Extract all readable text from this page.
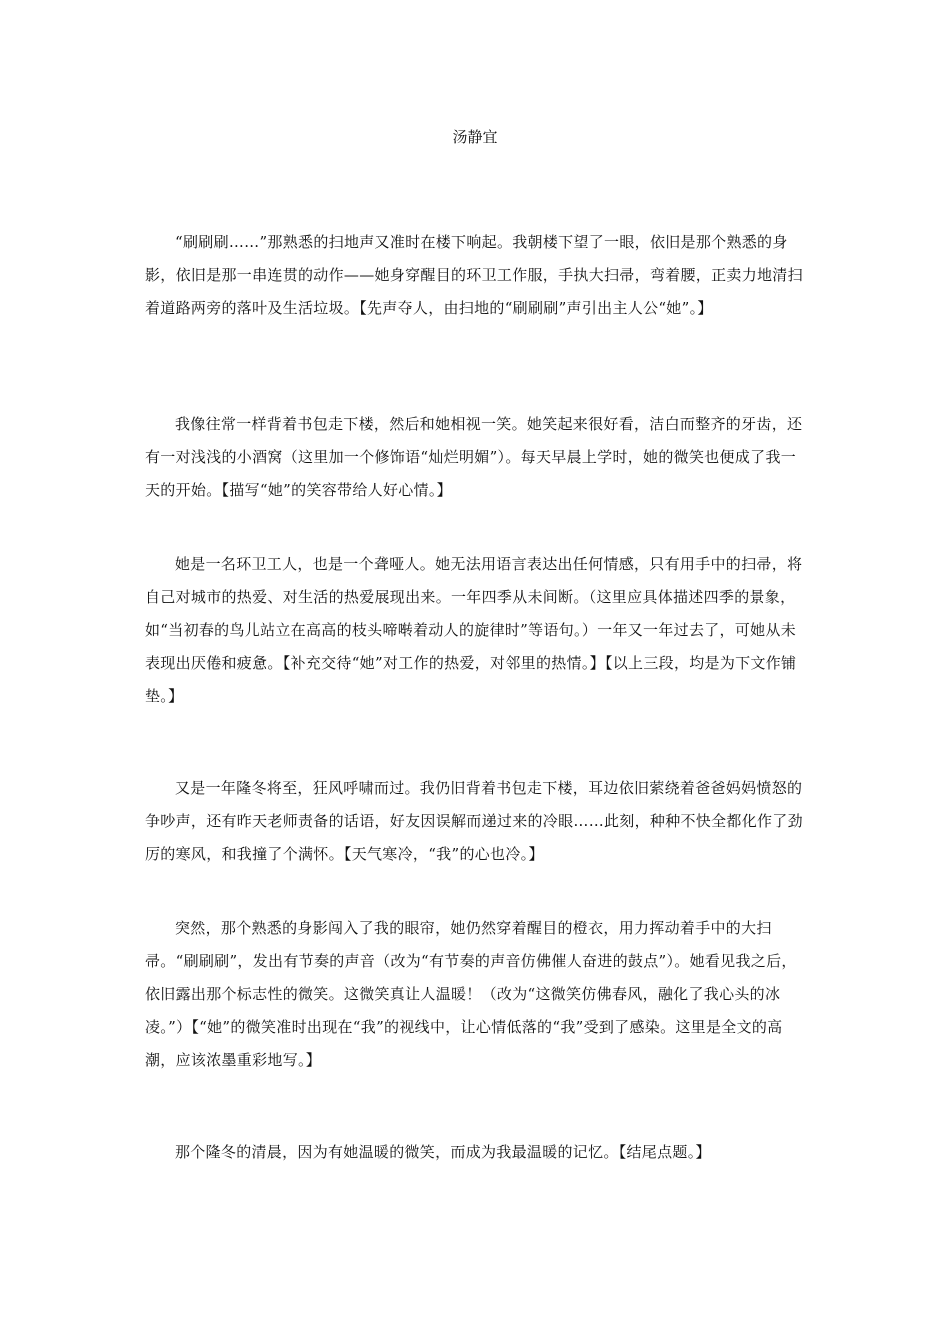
汤静宜

“刷刷刷……”那熟悉的扫地声又准时在楼下响起。我朝楼下望了一眼，依旧是那个熟悉的身影，依旧是那一串连贯的动作——她身穿醒目的环卫工作服，手执大扫帚，弯着腰，正卖力地清扫着道路两旁的落叶及生活垃圾。【先声夺人，由扫地的“刷刷刷”声引出主人公“她”。】

我像往常一样背着书包走下楼，然后和她相视一笑。她笑起来很好看，洁白而整齐的牙齿，还有一对浅浅的小酒窝（这里加一个修饰语“灿烂明媚”）。每天早晨上学时，她的微笑也便成了我一天的开始。【描写“她”的笑容带给人好心情。】

她是一名环卫工人，也是一个聋哑人。她无法用语言表达出任何情感，只有用手中的扫帚，将自己对城市的热爱、对生活的热爱展现出来。一年四季从未间断。（这里应具体描述四季的景象，如“当初春的鸟儿站立在高高的枝头啼啭着动人的旋律时”等语句。）一年又一年过去了，可她从未表现出厌倦和疲惫。【补充交待“她”对工作的热爱，对邻里的热情。】【以上三段，均是为下文作铺垫。】

又是一年隆冬将至，狂风呼啸而过。我仍旧背着书包走下楼，耳边依旧萦绕着爸爸妈妈愤怒的争吵声，还有昨天老师责备的话语，好友因误解而递过来的冷眼……此刻，种种不快全都化作了劲厉的寒风，和我撞了个满怀。【天气寒冷，“我”的心也冷。】

突然，那个熟悉的身影闯入了我的眼帘，她仍然穿着醒目的橙衣，用力挥动着手中的大扫帚。“刷刷刷”，发出有节奏的声音（改为“有节奏的声音仿佛催人奋进的鼓点”）。她看见我之后，依旧露出那个标志性的微笑。这微笑真让人温暖！（改为“这微笑仿佛春风，融化了我心头的冰凌。”）【“她”的微笑准时出现在“我”的视线中，让心情低落的“我”受到了感染。这里是全文的高潮，应该浓墨重彩地写。】

那个隆冬的清晨，因为有她温暖的微笑，而成为我最温暖的记忆。【结尾点题。】
